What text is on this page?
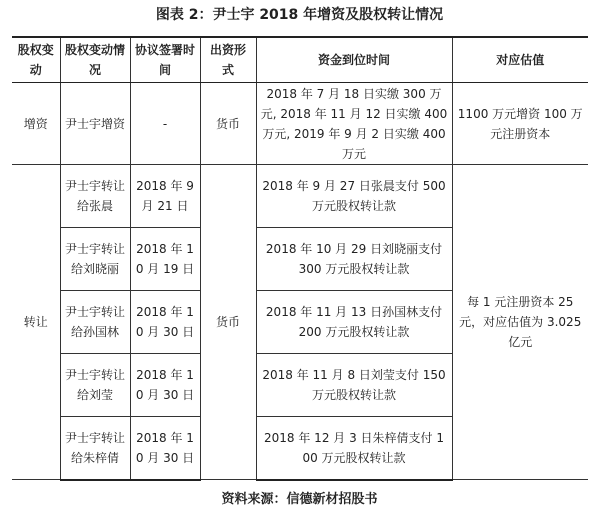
图表 2：尹士宇 2018 年增资及股权转让情况
股权变动	股权变动情况	协议签署时间	出资形式	资金到位时间	对应估值
增资	尹士宇增资	-	货币	2018 年 7 月 18 日实缴 300 万元, 2018 年 11 月 12 日实缴 400 万元, 2019 年 9 月 2 日实缴 400 万元	1100 万元增资 100 万元注册资本
转让	尹士宇转让给张晨	2018 年 9 月 21 日	货币	2018 年 9 月 27 日张晨支付 500 万元股权转让款	每 1 元注册资本 25 元，对应估值为 3.025 亿元
	尹士宇转让给刘晓丽	2018 年 10 月 19 日		2018 年 10 月 29 日刘晓丽支付 300 万元股权转让款	
	尹士宇转让给孙国林	2018 年 10 月 30 日		2018 年 11 月 13 日孙国林支付 200 万元股权转让款	
	尹士宇转让给刘莹	2018 年 10 月 30 日		2018 年 11 月 8 日刘莹支付 150 万元股权转让款	
	尹士宇转让给朱梓倩	2018 年 10 月 30 日		2018 年 12 月 3 日朱梓倩支付 100 万元股权转让款	
资料来源：信德新材招股书
